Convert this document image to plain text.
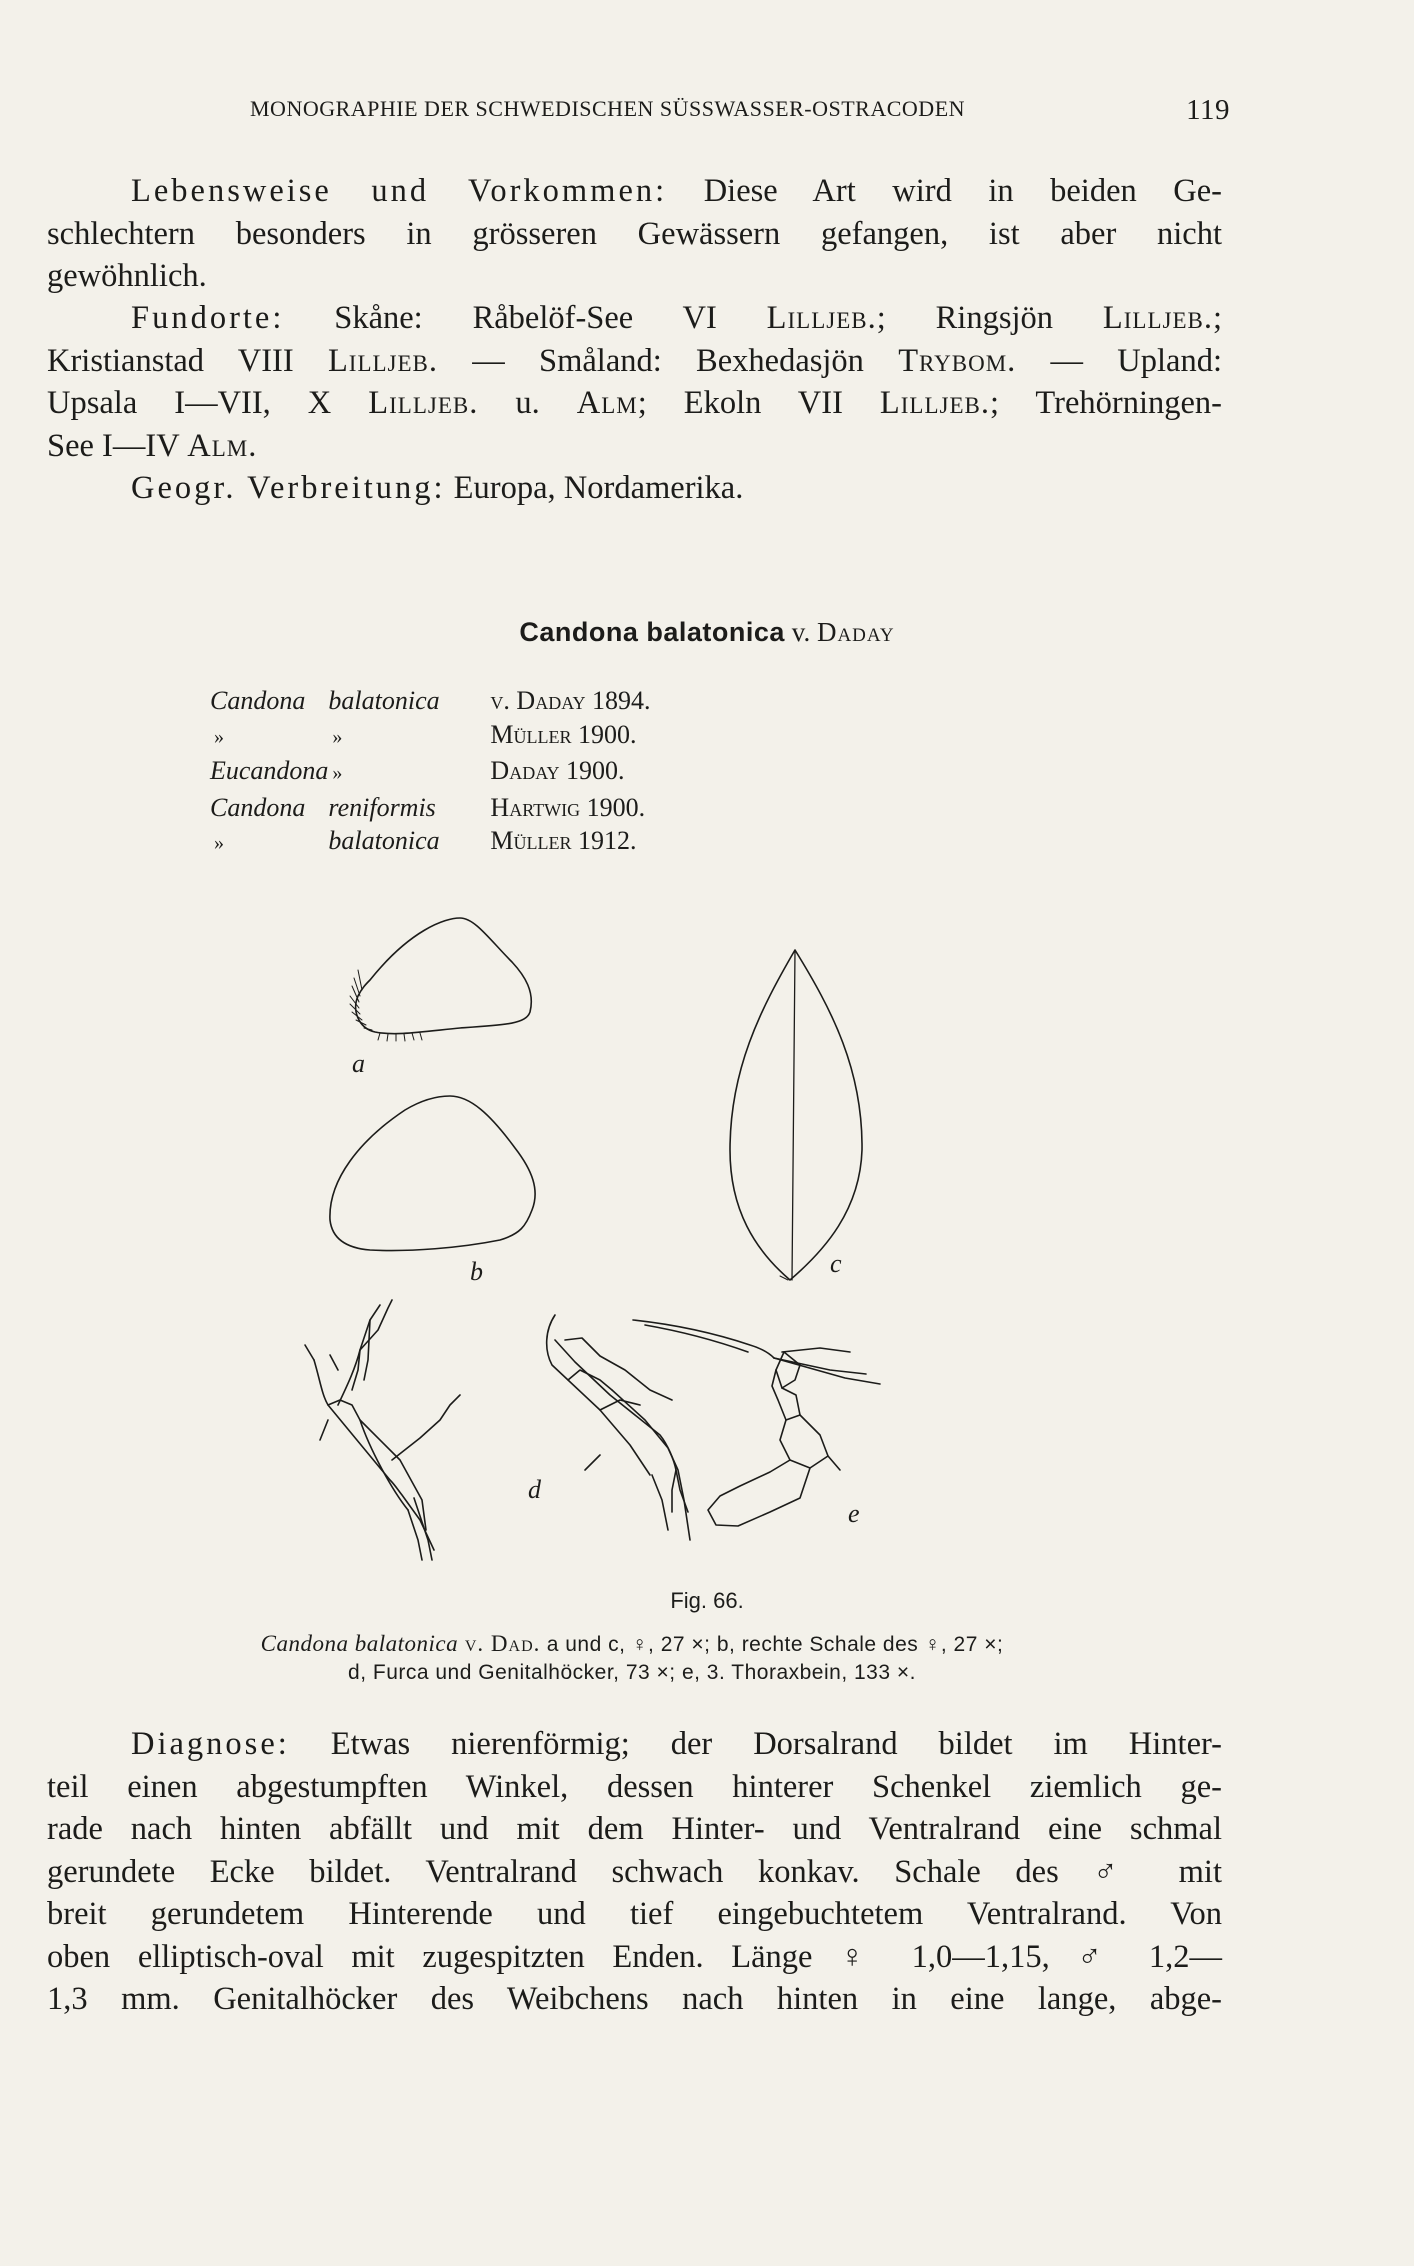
MONOGRAPHIE DER SCHWEDISCHEN SÜSSWASSER-OSTRACODEN	119
Lebensweise und Vorkommen: Diese Art wird in beiden Ge-
schlechtern besonders in grösseren Gewässern gefangen, ist aber nicht
gewöhnlich.
Fundorte: Skåne: Råbelöf-See VI Lilljeb.; Ringsjön Lilljeb.;
Kristianstad VIII Lilljeb. — Småland: Bexhedasjön Trybom. — Upland:
Upsala I—VII, X Lilljeb. u. Alm; Ekoln VII Lilljeb.; Trehörningen-
See I—IV Alm.
Geogr. Verbreitung: Europa, Nordamerika.
Candona balatonica v. Daday
Candona	balatonica	v. Daday 1894.
»	»	Müller 1900.
Eucandona	»	Daday 1900.
Candona	reniformis	Hartwig 1900.
»	balatonica	Müller 1912.
a
b	c
d
e
Fig. 66.
Candona balatonica v. Dad. a und c, ♀, 27 ×; b, rechte Schale des ♀, 27 ×;
d, Furca und Genitalhöcker, 73 ×; e, 3. Thoraxbein, 133 ×.
Diagnose: Etwas nierenförmig; der Dorsalrand bildet im Hinter-
teil einen abgestumpften Winkel, dessen hinterer Schenkel ziemlich ge-
rade nach hinten abfällt und mit dem Hinter- und Ventralrand eine schmal
gerundete Ecke bildet. Ventralrand schwach konkav. Schale des ♂ mit
breit gerundetem Hinterende und tief eingebuchtetem Ventralrand. Von
oben elliptisch-oval mit zugespitzten Enden. Länge ♀ 1,0—1,15, ♂ 1,2—
1,3 mm. Genitalhöcker des Weibchens nach hinten in eine lange, abge-
